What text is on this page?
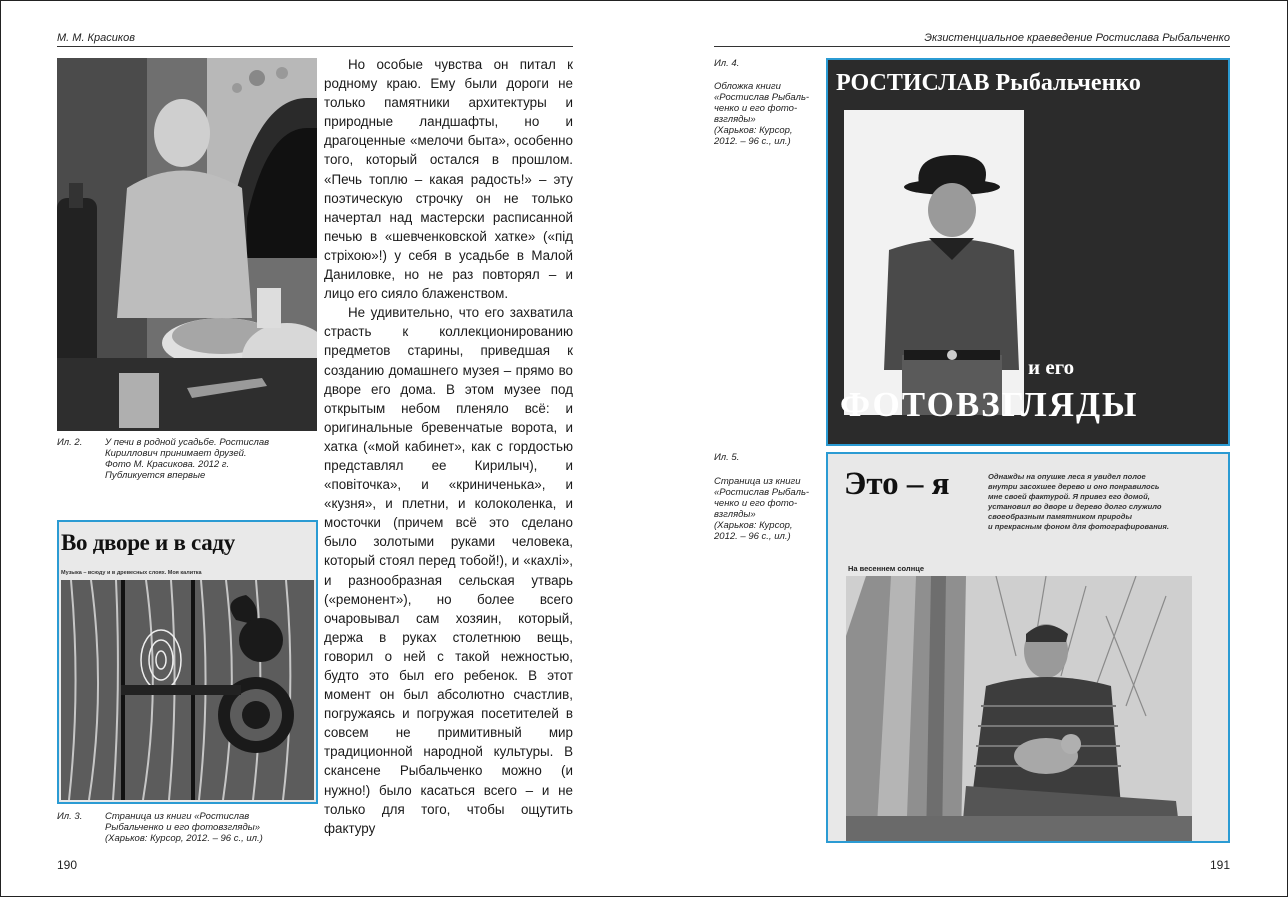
М. М. Красиков
Ил. 2. У печи в родной усадьбе. Ростислав
Кириллович принимает друзей.
Фото М. Красикова. 2012 г.
Публикуется впервые
Во дворе и в саду
Музыка – всюду и в древесных слоях. Моя калитка
Ил. 3. Страница из книги «Ростислав
Рыбальченко и его фотовзгляды»
(Харьков: Курсор, 2012. – 96 с., ил.)

Но особые чувства он питал к родному краю. Ему были дороги не только памятники архитектуры и природные ландшафты, но и драгоценные «мелочи быта», особенно того, который остался в прошлом. «Печь топлю – какая радость!» – эту поэтическую строчку он не только начертал над мастерски расписанной печью в «шевченковской хатке» («під стріхою»!) у себя в усадьбе в Малой Даниловке, но не раз повторял – и лицо его сияло блаженством.

Не удивительно, что его захватила страсть к коллекционированию предметов старины, приведшая к созданию домашнего музея – прямо во дворе его дома. В этом музее под открытым небом пленяло всё: и оригинальные бревенчатые ворота, и хатка («мой кабинет», как с гордостью представлял ее Кирилыч), и «повіточка», и «криниченька», и «кузня», и плетни, и колоколенка, и мосточки (причем всё это сделано было золотыми руками человека, который стоял перед тобой!), и «кахлі», и разнообразная сельская утварь («ремонент»), но более всего очаровывал сам хозяин, который, держа в руках столетнюю вещь, говорил о ней с такой нежностью, будто это был его ребенок. В этот момент он был абсолютно счастлив, погружаясь и погружая посетителей в совсем не примитивный мир традиционной народной культуры. В скансене Рыбальченко можно (и нужно!) было касаться всего – и не только для того, чтобы ощутить фактуру

190
Экзистенциальное краеведение Ростислава Рыбальченко
Ил. 4.
Обложка книги
«Ростислав Рыбаль-
ченко и его фото-
взгляды»
(Харьков: Курсор,
2012. – 96 с., ил.)
РОСТИСЛАВ Рыбальченко
и его
ФОТОВЗГЛЯДЫ
Ил. 5.
Страница из книги
«Ростислав Рыбаль-
ченко и его фото-
взгляды»
(Харьков: Курсор,
2012. – 96 с., ил.)
Это – я	Однажды на опушке леса я увидел полое
внутри засохшее дерево и оно понравилось
мне своей фактурой. Я привез его домой,
установил во дворе и дерево долго служило
своеобразным памятником природы
и прекрасным фоном для фотографирования.
На весеннем солнце
191
